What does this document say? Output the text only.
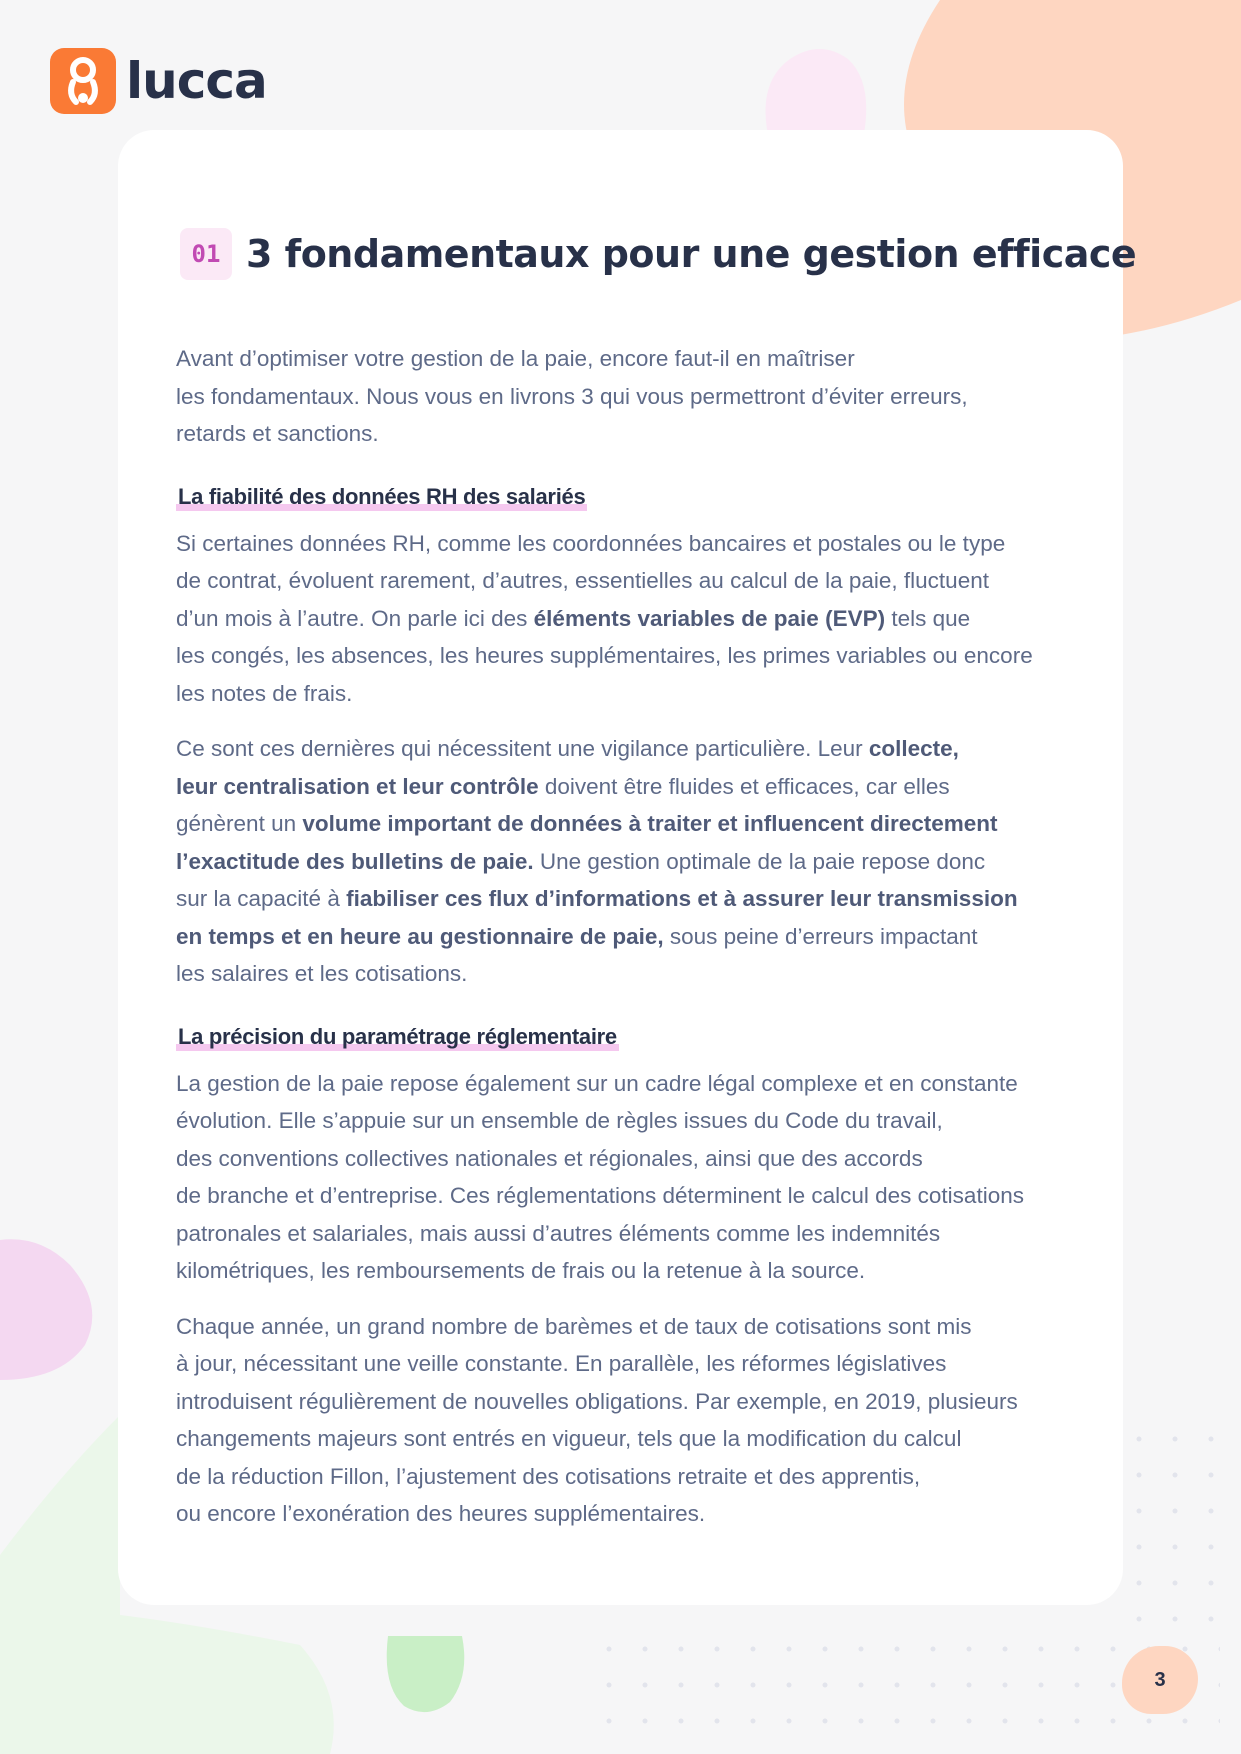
lucca
01 3 fondamentaux pour une gestion efficace

Avant d’optimiser votre gestion de la paie, encore faut-il en maîtriser
les fondamentaux. Nous vous en livrons 3 qui vous permettront d’éviter erreurs,
retards et sanctions.

La fiabilité des données RH des salariés

Si certaines données RH, comme les coordonnées bancaires et postales ou le type
de contrat, évoluent rarement, d’autres, essentielles au calcul de la paie, fluctuent
d’un mois à l’autre. On parle ici des éléments variables de paie (EVP) tels que
les congés, les absences, les heures supplémentaires, les primes variables ou encore
les notes de frais.

Ce sont ces dernières qui nécessitent une vigilance particulière. Leur collecte,
leur centralisation et leur contrôle doivent être fluides et efficaces, car elles
génèrent un volume important de données à traiter et influencent directement
l’exactitude des bulletins de paie. Une gestion optimale de la paie repose donc
sur la capacité à fiabiliser ces flux d’informations et à assurer leur transmission
en temps et en heure au gestionnaire de paie, sous peine d’erreurs impactant
les salaires et les cotisations.

La précision du paramétrage réglementaire

La gestion de la paie repose également sur un cadre légal complexe et en constante
évolution. Elle s’appuie sur un ensemble de règles issues du Code du travail,
des conventions collectives nationales et régionales, ainsi que des accords
de branche et d’entreprise. Ces réglementations déterminent le calcul des cotisations
patronales et salariales, mais aussi d’autres éléments comme les indemnités
kilométriques, les remboursements de frais ou la retenue à la source.

Chaque année, un grand nombre de barèmes et de taux de cotisations sont mis
à jour, nécessitant une veille constante. En parallèle, les réformes législatives
introduisent régulièrement de nouvelles obligations. Par exemple, en 2019, plusieurs
changements majeurs sont entrés en vigueur, tels que la modification du calcul
de la réduction Fillon, l’ajustement des cotisations retraite et des apprentis,
ou encore l’exonération des heures supplémentaires.

3
